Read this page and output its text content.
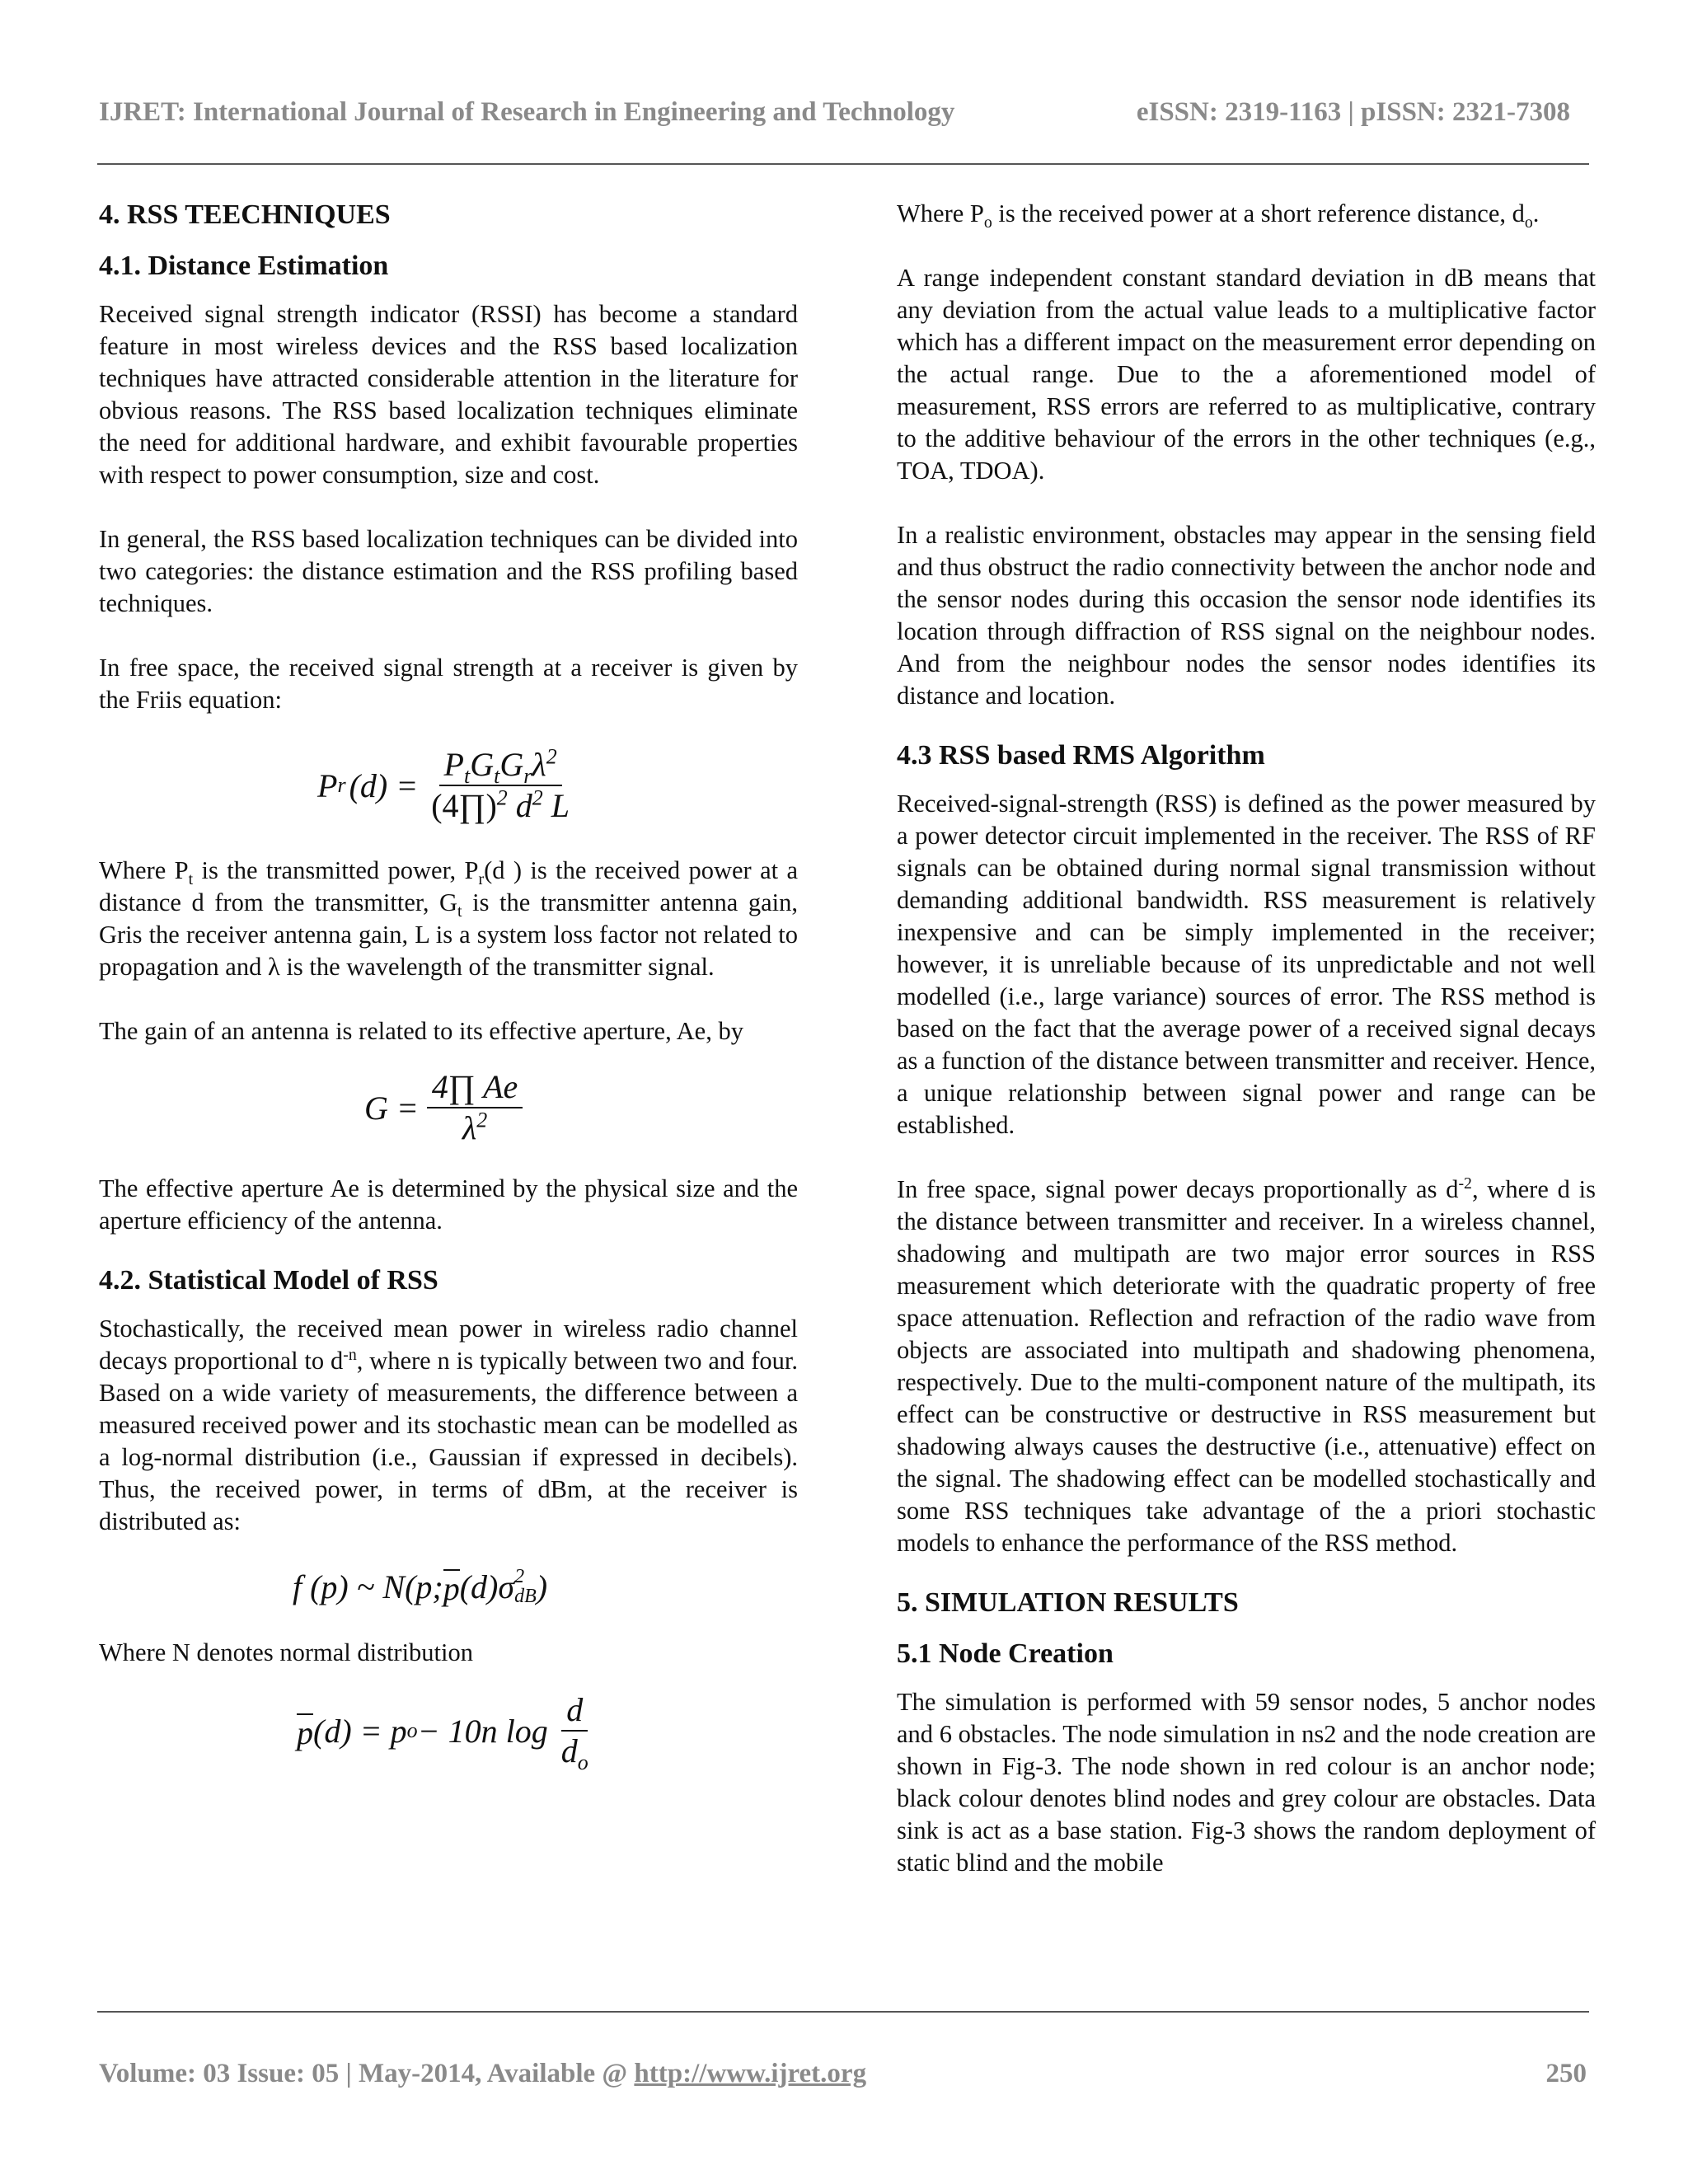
IJRET: International Journal of Research in Engineering and Technology	eISSN: 2319-1163 | pISSN: 2321-7308
4. RSS TEECHNIQUES
4.1. Distance Estimation

Received signal strength indicator (RSSI) has become a standard feature in most wireless devices and the RSS based localization techniques have attracted considerable attention in the literature for obvious reasons. The RSS based localization techniques eliminate the need for additional hardware, and exhibit favourable properties with respect to power consumption, size and cost.

In general, the RSS based localization techniques can be divided into two categories: the distance estimation and the RSS profiling based techniques.

In free space, the received signal strength at a receiver is given by the Friis equation:

P r $(d) = \frac{P_tG_tG_r\lambda^2}{(4\prod)^2 d^2 L}$

Where $P_t$ is the transmitted power, $P_r(d$ ) is the received power at a distance d from the transmitter, $G_t$ is the transmitter antenna gain, Gris the receiver antenna gain, L is a system loss factor not related to propagation and λ is the wavelength of the transmitter signal.

The gain of an antenna is related to its effective aperture, Ae, by

$G = \frac{4\prod Ae}{\lambda^2}$

The effective aperture Ae is determined by the physical size and the aperture efficiency of the antenna.

4.2. Statistical Model of RSS

Stochastically, the received mean power in wireless radio channel decays proportional to $d^{-n}$, where n is typically between two and four. Based on a wide variety of measurements, the difference between a measured received power and its stochastic mean can be modelled as a log-normal distribution (i.e., Gaussian if expressed in decibels). Thus, the received power, in terms of dBm, at the receiver is distributed as:

f (p) ~ N(p; p (d)σ 2
dB )

Where N denotes normal distribution

p (d) = p o − 10n $\log \frac{d}{d_o}$

Where $P_o$ is the received power at a short reference distance, $d_o$.

A range independent constant standard deviation in dB means that any deviation from the actual value leads to a multiplicative factor which has a different impact on the measurement error depending on the actual range. Due to the a aforementioned model of measurement, RSS errors are referred to as multiplicative, contrary to the additive behaviour of the errors in the other techniques (e.g., TOA, TDOA).

In a realistic environment, obstacles may appear in the sensing field and thus obstruct the radio connectivity between the anchor node and the sensor nodes during this occasion the sensor node identifies its location through diffraction of RSS signal on the neighbour nodes. And from the neighbour nodes the sensor nodes identifies its distance and location.

4.3 RSS based RMS Algorithm

Received-signal-strength (RSS) is defined as the power measured by a power detector circuit implemented in the receiver. The RSS of RF signals can be obtained during normal signal transmission without demanding additional bandwidth. RSS measurement is relatively inexpensive and can be simply implemented in the receiver; however, it is unreliable because of its unpredictable and not well modelled (i.e., large variance) sources of error. The RSS method is based on the fact that the average power of a received signal decays as a function of the distance between transmitter and receiver. Hence, a unique relationship between signal power and range can be established.

In free space, signal power decays proportionally as $d^{-2}$, where d is the distance between transmitter and receiver. In a wireless channel, shadowing and multipath are two major error sources in RSS measurement which deteriorate with the quadratic property of free space attenuation. Reflection and refraction of the radio wave from objects are associated into multipath and shadowing phenomena, respectively. Due to the multi-component nature of the multipath, its effect can be constructive or destructive in RSS measurement but shadowing always causes the destructive (i.e., attenuative) effect on the signal. The shadowing effect can be modelled stochastically and some RSS techniques take advantage of the a priori stochastic models to enhance the performance of the RSS method.

5. SIMULATION RESULTS
5.1 Node Creation

The simulation is performed with 59 sensor nodes, 5 anchor nodes and 6 obstacles. The node simulation in ns2 and the node creation are shown in Fig-3. The node shown in red colour is an anchor node; black colour denotes blind nodes and grey colour are obstacles. Data sink is act as a base station. Fig-3 shows the random deployment of static blind and the mobile

Volume: 03 Issue: 05 | May-2014, Available @ http://www.ijret.org	250
